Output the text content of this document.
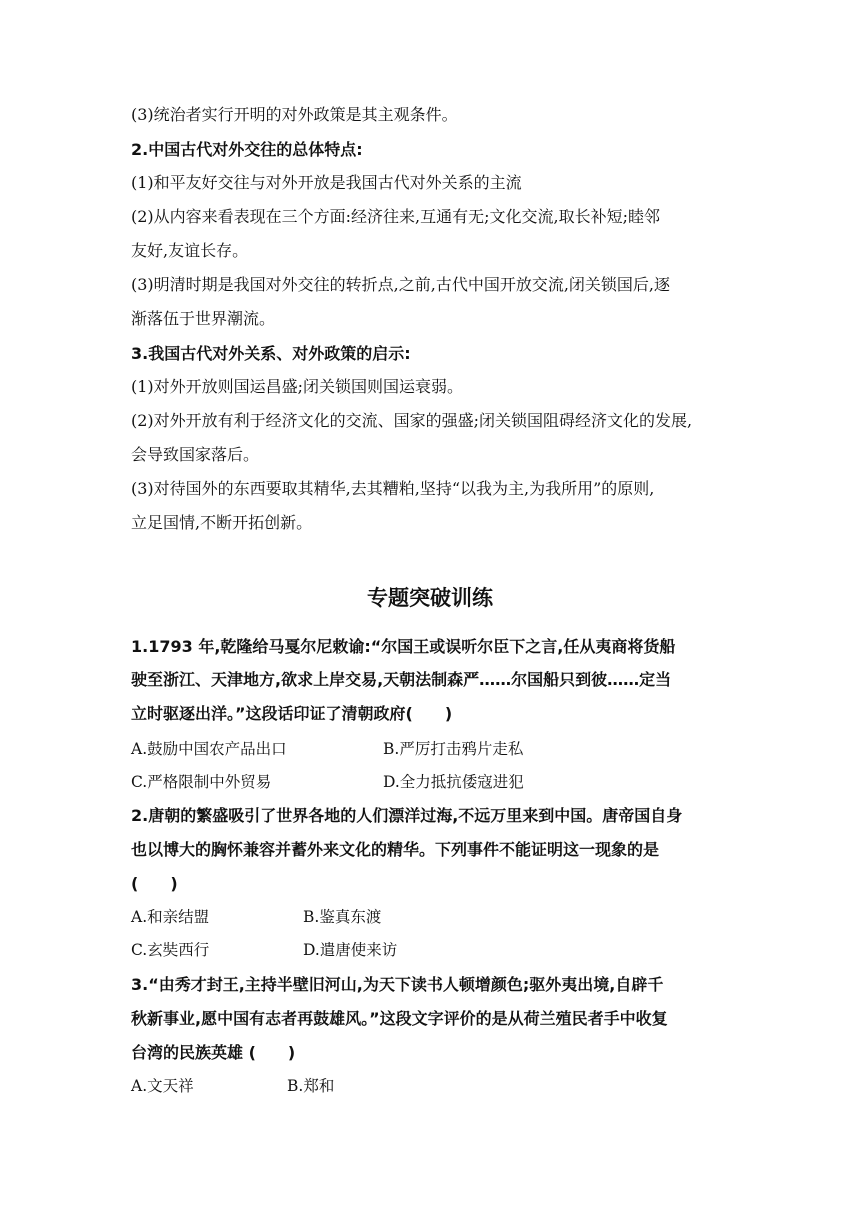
(3)统治者实行开明的对外政策是其主观条件。
2.中国古代对外交往的总体特点:
(1)和平友好交往与对外开放是我国古代对外关系的主流
(2)从内容来看表现在三个方面:经济往来,互通有无;文化交流,取长补短;睦邻
友好,友谊长存。
(3)明清时期是我国对外交往的转折点,之前,古代中国开放交流,闭关锁国后,逐
渐落伍于世界潮流。
3.我国古代对外关系、对外政策的启示:
(1)对外开放则国运昌盛;闭关锁国则国运衰弱。
(2)对外开放有利于经济文化的交流、国家的强盛;闭关锁国阻碍经济文化的发展,
会导致国家落后。
(3)对待国外的东西要取其精华,去其糟粕,坚持“以我为主,为我所用”的原则,
立足国情,不断开拓创新。
专题突破训练
1.1793 年,乾隆给马戛尔尼敕谕:“尔国王或误听尔臣下之言,任从夷商将货船
驶至浙江、天津地方,欲求上岸交易,天朝法制森严……尔国船只到彼……定当
立时驱逐出洋。”这段话印证了清朝政府(　　)
A.鼓励中国农产品出口	B.严厉打击鸦片走私
C.严格限制中外贸易	D.全力抵抗倭寇进犯
2.唐朝的繁盛吸引了世界各地的人们漂洋过海,不远万里来到中国。唐帝国自身
也以博大的胸怀兼容并蓄外来文化的精华。下列事件不能证明这一现象的是
(　　)
A.和亲结盟	B.鉴真东渡
C.玄奘西行	D.遣唐使来访
3.“由秀才封王,主持半壁旧河山,为天下读书人顿增颜色;驱外夷出境,自辟千
秋新事业,愿中国有志者再鼓雄风。”这段文字评价的是从荷兰殖民者手中收复
台湾的民族英雄 (　　)
A.文天祥	B.郑和
